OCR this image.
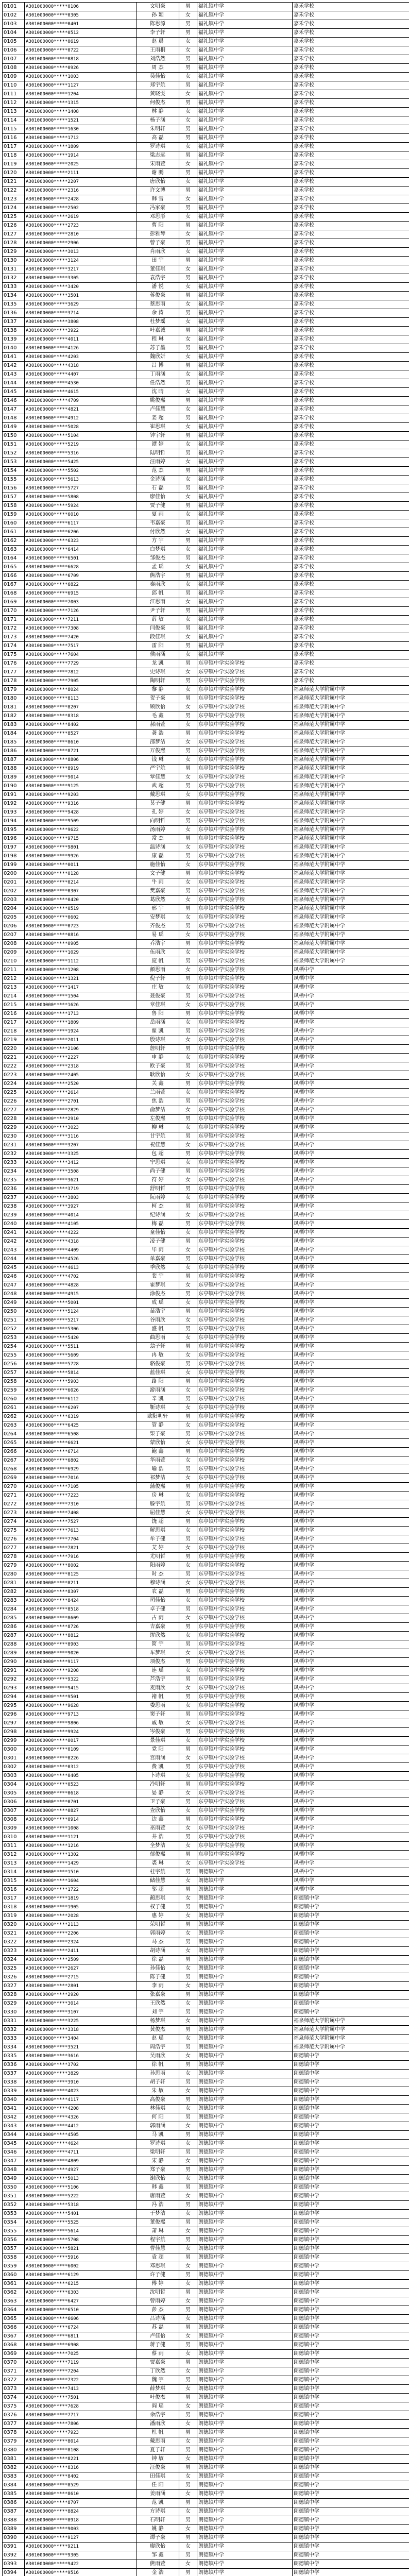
0101	A301000000*****0106	文明豪	男	福礼镇中学	嘉禾学校
0102	A301000000*****0305	孙 颖	女	福礼镇中学	嘉禾学校
0103	A301000000*****0401	陈思源	男	福礼镇中学	嘉禾学校
0104	A301000000*****0512	李子轩	男	福礼镇中学	嘉禾学校
0105	A301000000*****0619	赵 晨	女	福礼镇中学	嘉禾学校
0106	A301000000*****0722	王雨桐	女	福礼镇中学	嘉禾学校
0107	A301000000*****0818	刘浩然	男	福礼镇中学	嘉禾学校
0108	A301000000*****0926	周 杰	男	福礼镇中学	嘉禾学校
0109	A301000000*****1003	吴佳怡	女	福礼镇中学	嘉禾学校
0110	A301000000*****1127	郑宇航	男	福礼镇中学	嘉禾学校
0111	A301000000*****1204	黄晓雯	女	福礼镇中学	嘉禾学校
0112	A301000000*****1315	何俊杰	男	福礼镇中学	嘉禾学校
0113	A301000000*****1408	林 静	女	福礼镇中学	嘉禾学校
0114	A301000000*****1521	杨子涵	女	福礼镇中学	嘉禾学校
0115	A301000000*****1630	朱明轩	男	福礼镇中学	嘉禾学校
0116	A301000000*****1712	高 磊	男	福礼镇中学	嘉禾学校
0117	A301000000*****1809	罗诗琪	女	福礼镇中学	嘉禾学校
0118	A301000000*****1914	梁志远	男	福礼镇中学	嘉禾学校
0119	A301000000*****2025	宋雨萱	女	福礼镇中学	嘉禾学校
0120	A301000000*****2111	谢 鹏	男	福礼镇中学	嘉禾学校
0121	A301000000*****2207	唐欣怡	女	福礼镇中学	嘉禾学校
0122	A301000000*****2316	许文博	男	福礼镇中学	嘉禾学校
0123	A301000000*****2428	韩 雪	女	福礼镇中学	嘉禾学校
0124	A301000000*****2502	冯家豪	男	福礼镇中学	嘉禾学校
0125	A301000000*****2619	邓思彤	女	福礼镇中学	嘉禾学校
0126	A301000000*****2723	曹 阳	男	福礼镇中学	嘉禾学校
0127	A301000000*****2810	彭雅琴	女	福礼镇中学	嘉禾学校
0128	A301000000*****2906	曾子豪	男	福礼镇中学	嘉禾学校
0129	A301000000*****3013	肖雨欣	女	福礼镇中学	嘉禾学校
0130	A301000000*****3124	田 宇	男	福礼镇中学	嘉禾学校
0131	A301000000*****3217	董佳琪	女	福礼镇中学	嘉禾学校
0132	A301000000*****3305	袁浩宇	男	福礼镇中学	嘉禾学校
0133	A301000000*****3420	潘 悦	女	福礼镇中学	嘉禾学校
0134	A301000000*****3501	蒋俊豪	男	福礼镇中学	嘉禾学校
0135	A301000000*****3629	蔡思雨	女	福礼镇中学	嘉禾学校
0136	A301000000*****3714	余 涛	男	福礼镇中学	嘉禾学校
0137	A301000000*****3808	杜梦瑶	女	福礼镇中学	嘉禾学校
0138	A301000000*****3922	叶嘉诚	男	福礼镇中学	嘉禾学校
0139	A301000000*****4011	程 琳	女	福礼镇中学	嘉禾学校
0140	A301000000*****4126	苏子墨	男	福礼镇中学	嘉禾学校
0141	A301000000*****4203	魏欣妍	女	福礼镇中学	嘉禾学校
0142	A301000000*****4318	吕 博	男	福礼镇中学	嘉禾学校
0143	A301000000*****4407	丁雨涵	女	福礼镇中学	嘉禾学校
0144	A301000000*****4530	任浩然	男	福礼镇中学	嘉禾学校
0145	A301000000*****4615	沈 晴	女	福礼镇中学	嘉禾学校
0146	A301000000*****4709	姚俊熙	男	福礼镇中学	嘉禾学校
0147	A301000000*****4821	卢佳慧	女	福礼镇中学	嘉禾学校
0148	A301000000*****4912	姜 超	男	福礼镇中学	嘉禾学校
0149	A301000000*****5028	崔思琪	女	福礼镇中学	嘉禾学校
0150	A301000000*****5104	钟宇轩	男	福礼镇中学	嘉禾学校
0151	A301000000*****5219	谭 婷	女	福礼镇中学	嘉禾学校
0152	A301000000*****5316	陆明哲	男	福礼镇中学	嘉禾学校
0153	A301000000*****5425	汪雨婷	女	福礼镇中学	嘉禾学校
0154	A301000000*****5502	范 杰	男	福礼镇中学	嘉禾学校
0155	A301000000*****5613	金诗涵	女	福礼镇中学	嘉禾学校
0156	A301000000*****5727	石 磊	男	福礼镇中学	嘉禾学校
0157	A301000000*****5808	廖佳怡	女	福礼镇中学	嘉禾学校
0158	A301000000*****5924	贾子健	男	福礼镇中学	嘉禾学校
0159	A301000000*****6010	夏 雨	女	福礼镇中学	嘉禾学校
0160	A301000000*****6117	韦嘉豪	男	福礼镇中学	嘉禾学校
0161	A301000000*****6206	付欣然	女	福礼镇中学	嘉禾学校
0162	A301000000*****6323	方 宇	男	福礼镇中学	嘉禾学校
0163	A301000000*****6414	白梦琪	女	福礼镇中学	嘉禾学校
0164	A301000000*****6501	邹俊杰	男	福礼镇中学	嘉禾学校
0165	A301000000*****6628	孟 瑶	女	福礼镇中学	嘉禾学校
0166	A301000000*****6709	熊浩宇	男	福礼镇中学	嘉禾学校
0167	A301000000*****6822	秦雨欣	女	福礼镇中学	嘉禾学校
0168	A301000000*****6915	邱 帆	男	福礼镇中学	嘉禾学校
0169	A301000000*****7003	江思雨	女	福礼镇中学	嘉禾学校
0170	A301000000*****7126	尹子轩	男	福礼镇中学	嘉禾学校
0171	A301000000*****7211	薛 敏	女	福礼镇中学	嘉禾学校
0172	A301000000*****7308	闫俊豪	男	福礼镇中学	嘉禾学校
0173	A301000000*****7420	段佳琪	女	福礼镇中学	嘉禾学校
0174	A301000000*****7517	雷 阳	男	福礼镇中学	嘉禾学校
0175	A301000000*****7604	侯雨涵	女	福礼镇中学	嘉禾学校
0176	A301000000*****7729	龙 凯	男	东亭镇中学实验学校	嘉禾学校
0177	A301000000*****7812	史诗琪	女	东亭镇中学实验学校	嘉禾学校
0178	A301000000*****7905	陶明轩	男	东亭镇中学实验学校	嘉禾学校
0179	A301000000*****8024	黎 静	女	东亭镇中学实验学校	福泉师范大学附属中学
0180	A301000000*****8113	贺子豪	男	东亭镇中学实验学校	福泉师范大学附属中学
0181	A301000000*****8207	顾欣怡	女	东亭镇中学实验学校	福泉师范大学附属中学
0182	A301000000*****8318	毛 鑫	男	东亭镇中学实验学校	福泉师范大学附属中学
0183	A301000000*****8402	郝雨萱	女	东亭镇中学实验学校	福泉师范大学附属中学
0184	A301000000*****8527	龚 浩	男	东亭镇中学实验学校	福泉师范大学附属中学
0185	A301000000*****8610	邵梦洁	女	东亭镇中学实验学校	福泉师范大学附属中学
0186	A301000000*****8721	万俊熙	男	东亭镇中学实验学校	福泉师范大学附属中学
0187	A301000000*****8806	钱 琳	女	东亭镇中学实验学校	福泉师范大学附属中学
0188	A301000000*****8919	严宇航	男	东亭镇中学实验学校	福泉师范大学附属中学
0189	A301000000*****9014	覃佳慧	女	东亭镇中学实验学校	福泉师范大学附属中学
0190	A301000000*****9125	武 超	男	东亭镇中学实验学校	福泉师范大学附属中学
0191	A301000000*****9203	戴思琪	女	东亭镇中学实验学校	福泉师范大学附属中学
0192	A301000000*****9316	莫子健	男	东亭镇中学实验学校	福泉师范大学附属中学
0193	A301000000*****9428	孔 婷	女	东亭镇中学实验学校	福泉师范大学附属中学
0194	A301000000*****9509	向明哲	男	东亭镇中学实验学校	福泉师范大学附属中学
0195	A301000000*****9622	汤雨婷	女	东亭镇中学实验学校	福泉师范大学附属中学
0196	A301000000*****9715	常 杰	男	东亭镇中学实验学校	福泉师范大学附属中学
0197	A301000000*****9801	温诗涵	女	东亭镇中学实验学校	福泉师范大学附属中学
0198	A301000000*****9926	康 磊	男	东亭镇中学实验学校	福泉师范大学附属中学
0199	A301000000*****0011	施佳怡	女	东亭镇中学实验学校	福泉师范大学附属中学
0200	A301000000*****0128	文子健	男	东亭镇中学实验学校	福泉师范大学附属中学
0201	A301000000*****0214	牛 雨	女	东亭镇中学实验学校	福泉师范大学附属中学
0202	A301000000*****0307	樊嘉豪	男	东亭镇中学实验学校	福泉师范大学附属中学
0203	A301000000*****0420	葛欣然	女	东亭镇中学实验学校	福泉师范大学附属中学
0204	A301000000*****0519	邢 宇	男	东亭镇中学实验学校	福泉师范大学附属中学
0205	A301000000*****0602	安梦琪	女	东亭镇中学实验学校	福泉师范大学附属中学
0206	A301000000*****0723	齐俊杰	男	东亭镇中学实验学校	福泉师范大学附属中学
0207	A301000000*****0816	易 瑶	女	东亭镇中学实验学校	福泉师范大学附属中学
0208	A301000000*****0905	乔浩宇	男	东亭镇中学实验学校	福泉师范大学附属中学
0209	A301000000*****1029	伍雨欣	女	东亭镇中学实验学校	福泉师范大学附属中学
0210	A301000000*****1112	庞 帆	男	东亭镇中学实验学校	福泉师范大学附属中学
0211	A301000000*****1208	颜思雨	女	东亭镇中学实验学校	凤栖中学
0212	A301000000*****1321	倪子轩	男	东亭镇中学实验学校	凤栖中学
0213	A301000000*****1417	庄 敏	女	东亭镇中学实验学校	凤栖中学
0214	A301000000*****1504	聂俊豪	男	东亭镇中学实验学校	凤栖中学
0215	A301000000*****1626	章佳琪	女	东亭镇中学实验学校	凤栖中学
0216	A301000000*****1713	鲁 阳	男	东亭镇中学实验学校	凤栖中学
0217	A301000000*****1809	岳雨涵	女	东亭镇中学实验学校	凤栖中学
0218	A301000000*****1924	翟 凯	男	东亭镇中学实验学校	凤栖中学
0219	A301000000*****2011	殷诗琪	女	东亭镇中学实验学校	凤栖中学
0220	A301000000*****2106	詹明轩	男	东亭镇中学实验学校	凤栖中学
0221	A301000000*****2227	申 静	女	东亭镇中学实验学校	凤栖中学
0222	A301000000*****2318	欧子豪	男	东亭镇中学实验学校	凤栖中学
0223	A301000000*****2405	耿欣怡	女	东亭镇中学实验学校	凤栖中学
0224	A301000000*****2520	关 鑫	男	东亭镇中学实验学校	凤栖中学
0225	A301000000*****2614	兰雨萱	女	东亭镇中学实验学校	凤栖中学
0226	A301000000*****2701	焦 浩	男	东亭镇中学实验学校	凤栖中学
0227	A301000000*****2829	俞梦洁	女	东亭镇中学实验学校	凤栖中学
0228	A301000000*****2910	左俊熙	男	东亭镇中学实验学校	凤栖中学
0229	A301000000*****3023	柳 琳	女	东亭镇中学实验学校	凤栖中学
0230	A301000000*****3116	甘宇航	男	东亭镇中学实验学校	凤栖中学
0231	A301000000*****3207	祝佳慧	女	东亭镇中学实验学校	凤栖中学
0232	A301000000*****3325	包 超	男	东亭镇中学实验学校	凤栖中学
0233	A301000000*****3412	宁思琪	女	东亭镇中学实验学校	凤栖中学
0234	A301000000*****3508	尚子健	男	东亭镇中学实验学校	凤栖中学
0235	A301000000*****3621	符 婷	女	东亭镇中学实验学校	凤栖中学
0236	A301000000*****3719	舒明哲	男	东亭镇中学实验学校	凤栖中学
0237	A301000000*****3803	阮雨婷	女	东亭镇中学实验学校	凤栖中学
0238	A301000000*****3927	柯 杰	男	东亭镇中学实验学校	凤栖中学
0239	A301000000*****4014	纪诗涵	女	东亭镇中学实验学校	凤栖中学
0240	A301000000*****4105	梅 磊	男	东亭镇中学实验学校	凤栖中学
0241	A301000000*****4222	童佳怡	女	东亭镇中学实验学校	凤栖中学
0242	A301000000*****4318	凌子健	男	东亭镇中学实验学校	凤栖中学
0243	A301000000*****4409	毕 雨	女	东亭镇中学实验学校	凤栖中学
0244	A301000000*****4526	单嘉豪	男	东亭镇中学实验学校	凤栖中学
0245	A301000000*****4613	季欣然	女	东亭镇中学实验学校	凤栖中学
0246	A301000000*****4702	裴 宇	男	东亭镇中学实验学校	凤栖中学
0247	A301000000*****4828	霍梦琪	女	东亭镇中学实验学校	凤栖中学
0248	A301000000*****4915	涂俊杰	男	东亭镇中学实验学校	凤栖中学
0249	A301000000*****5001	成 瑶	女	东亭镇中学实验学校	凤栖中学
0250	A301000000*****5124	苗浩宇	男	东亭镇中学实验学校	凤栖中学
0251	A301000000*****5217	谷雨欣	女	东亭镇中学实验学校	凤栖中学
0252	A301000000*****5306	盛 帆	男	东亭镇中学实验学校	凤栖中学
0253	A301000000*****5420	曲思雨	女	东亭镇中学实验学校	凤栖中学
0254	A301000000*****5511	翁子轩	男	东亭镇中学实验学校	凤栖中学
0255	A301000000*****5609	冉 敏	女	东亭镇中学实验学校	凤栖中学
0256	A301000000*****5728	骆俊豪	男	东亭镇中学实验学校	凤栖中学
0257	A301000000*****5814	蓝佳琪	女	东亭镇中学实验学校	凤栖中学
0258	A301000000*****5903	路 阳	男	东亭镇中学实验学校	凤栖中学
0259	A301000000*****6026	游雨涵	女	东亭镇中学实验学校	凤栖中学
0260	A301000000*****6112	辛 凯	男	东亭镇中学实验学校	凤栖中学
0261	A301000000*****6207	靳诗琪	女	东亭镇中学实验学校	凤栖中学
0262	A301000000*****6319	欧阳明轩	男	东亭镇中学实验学校	凤栖中学
0263	A301000000*****6425	管 静	女	东亭镇中学实验学校	凤栖中学
0264	A301000000*****6508	柴子豪	男	东亭镇中学实验学校	凤栖中学
0265	A301000000*****6621	蒙欣怡	女	东亭镇中学实验学校	凤栖中学
0266	A301000000*****6714	鲍 鑫	男	东亭镇中学实验学校	凤栖中学
0267	A301000000*****6802	华雨萱	女	东亭镇中学实验学校	凤栖中学
0268	A301000000*****6929	喻 浩	男	东亭镇中学实验学校	凤栖中学
0269	A301000000*****7016	祁梦洁	女	东亭镇中学实验学校	凤栖中学
0270	A301000000*****7105	蒲俊熙	男	东亭镇中学实验学校	凤栖中学
0271	A301000000*****7223	房 琳	女	东亭镇中学实验学校	凤栖中学
0272	A301000000*****7310	滕宇航	男	东亭镇中学实验学校	凤栖中学
0273	A301000000*****7408	屈佳慧	女	东亭镇中学实验学校	凤栖中学
0274	A301000000*****7527	饶 超	男	东亭镇中学实验学校	凤栖中学
0275	A301000000*****7613	解思琪	女	东亭镇中学实验学校	凤栖中学
0276	A301000000*****7704	牟子健	男	东亭镇中学实验学校	凤栖中学
0277	A301000000*****7821	艾 婷	女	东亭镇中学实验学校	凤栖中学
0278	A301000000*****7916	尤明哲	男	东亭镇中学实验学校	凤栖中学
0279	A301000000*****8002	阳雨婷	女	东亭镇中学实验学校	凤栖中学
0280	A301000000*****8125	时 杰	男	东亭镇中学实验学校	凤栖中学
0281	A301000000*****8211	穆诗涵	女	东亭镇中学实验学校	凤栖中学
0282	A301000000*****8307	农 磊	男	东亭镇中学实验学校	凤栖中学
0283	A301000000*****8424	司佳怡	女	东亭镇中学实验学校	凤栖中学
0284	A301000000*****8518	卓子健	男	东亭镇中学实验学校	凤栖中学
0285	A301000000*****8609	古 雨	女	东亭镇中学实验学校	凤栖中学
0286	A301000000*****8726	吉嘉豪	男	东亭镇中学实验学校	凤栖中学
0287	A301000000*****8812	缪欣然	女	东亭镇中学实验学校	凤栖中学
0288	A301000000*****8903	简 宇	男	东亭镇中学实验学校	凤栖中学
0289	A301000000*****9020	车梦琪	女	东亭镇中学实验学校	凤栖中学
0290	A301000000*****9117	项俊杰	男	东亭镇中学实验学校	凤栖中学
0291	A301000000*****9208	连 瑶	女	东亭镇中学实验学校	凤栖中学
0292	A301000000*****9322	芦浩宇	男	东亭镇中学实验学校	凤栖中学
0293	A301000000*****9415	麦雨欣	女	东亭镇中学实验学校	凤栖中学
0294	A301000000*****9501	褚 帆	男	东亭镇中学实验学校	凤栖中学
0295	A301000000*****9628	娄思雨	女	东亭镇中学实验学校	凤栖中学
0296	A301000000*****9713	窦子轩	男	东亭镇中学实验学校	凤栖中学
0297	A301000000*****9806	戚 敏	女	东亭镇中学实验学校	凤栖中学
0298	A301000000*****9924	岑俊豪	男	东亭镇中学实验学校	凤栖中学
0299	A301000000*****0017	景佳琪	女	东亭镇中学实验学校	凤栖中学
0300	A301000000*****0109	党 阳	男	东亭镇中学实验学校	凤栖中学
0301	A301000000*****0226	宫雨涵	女	东亭镇中学实验学校	凤栖中学
0302	A301000000*****0312	费 凯	男	东亭镇中学实验学校	凤栖中学
0303	A301000000*****0405	卜诗琪	女	东亭镇中学实验学校	凤栖中学
0304	A301000000*****0523	冷明轩	男	东亭镇中学实验学校	凤栖中学
0305	A301000000*****0618	晏 静	女	东亭镇中学实验学校	凤栖中学
0306	A301000000*****0701	卫子豪	男	东亭镇中学实验学校	凤栖中学
0307	A301000000*****0827	查欣怡	女	东亭镇中学实验学校	凤栖中学
0308	A301000000*****0914	边 鑫	男	东亭镇中学实验学校	凤栖中学
0309	A301000000*****1008	巫雨萱	女	东亭镇中学实验学校	凤栖中学
0310	A301000000*****1121	井 浩	男	东亭镇中学实验学校	凤栖中学
0311	A301000000*****1216	全梦洁	女	东亭镇中学实验学校	凤栖中学
0312	A301000000*****1302	郁俊熙	男	东亭镇中学实验学校	凤栖中学
0313	A301000000*****1429	裘 琳	女	东亭镇中学实验学校	凤栖中学
0314	A301000000*****1510	桂宇航	男	朗德镇中学	凤栖中学
0315	A301000000*****1604	储佳慧	女	朗德镇中学	凤栖中学
0316	A301000000*****1722	邬 超	男	朗德镇中学	凤栖中学
0317	A301000000*****1819	蔺思琪	女	朗德镇中学	朗德镇中学
0318	A301000000*****1905	权子健	男	朗德镇中学	朗德镇中学
0319	A301000000*****2028	惠 婷	女	朗德镇中学	朗德镇中学
0320	A301000000*****2113	荣明哲	男	朗德镇中学	朗德镇中学
0321	A301000000*****2206	郭雨婷	女	朗德镇中学	朗德镇中学
0322	A301000000*****2324	马 杰	男	朗德镇中学	朗德镇中学
0323	A301000000*****2411	胡诗涵	女	朗德镇中学	朗德镇中学
0324	A301000000*****2509	徐 磊	男	朗德镇中学	朗德镇中学
0325	A301000000*****2627	孙佳怡	女	朗德镇中学	朗德镇中学
0326	A301000000*****2715	陈子健	男	朗德镇中学	朗德镇中学
0327	A301000000*****2801	李 雨	女	朗德镇中学	朗德镇中学
0328	A301000000*****2920	张嘉豪	男	朗德镇中学	朗德镇中学
0329	A301000000*****3014	王欣然	女	朗德镇中学	朗德镇中学
0330	A301000000*****3107	刘 宇	男	朗德镇中学	朗德镇中学
0331	A301000000*****3225	杨梦琪	女	朗德镇中学	福泉师范大学附属中学
0332	A301000000*****3318	黄俊杰	男	朗德镇中学	福泉师范大学附属中学
0333	A301000000*****3404	赵 瑶	女	朗德镇中学	福泉师范大学附属中学
0334	A301000000*****3521	周浩宇	男	朗德镇中学	福泉师范大学附属中学
0335	A301000000*****3616	吴雨欣	女	朗德镇中学	朗德镇中学
0336	A301000000*****3702	徐 帆	男	朗德镇中学	朗德镇中学
0337	A301000000*****3829	孙思雨	女	朗德镇中学	朗德镇中学
0338	A301000000*****3910	胡子轩	男	朗德镇中学	朗德镇中学
0339	A301000000*****4023	朱 敏	女	朗德镇中学	朗德镇中学
0340	A301000000*****4117	高俊豪	男	朗德镇中学	朗德镇中学
0341	A301000000*****4208	林佳琪	女	朗德镇中学	朗德镇中学
0342	A301000000*****4326	何 阳	男	朗德镇中学	朗德镇中学
0343	A301000000*****4412	郭雨涵	女	朗德镇中学	朗德镇中学
0344	A301000000*****4505	马 凯	男	朗德镇中学	朗德镇中学
0345	A301000000*****4624	罗诗琪	女	朗德镇中学	朗德镇中学
0346	A301000000*****4711	梁明轩	男	朗德镇中学	朗德镇中学
0347	A301000000*****4809	宋 静	女	朗德镇中学	朗德镇中学
0348	A301000000*****4927	郑子豪	男	朗德镇中学	朗德镇中学
0349	A301000000*****5013	谢欣怡	女	朗德镇中学	朗德镇中学
0350	A301000000*****5106	韩 鑫	男	朗德镇中学	朗德镇中学
0351	A301000000*****5222	唐雨萱	女	朗德镇中学	朗德镇中学
0352	A301000000*****5318	冯 浩	男	朗德镇中学	朗德镇中学
0353	A301000000*****5401	于梦洁	女	朗德镇中学	朗德镇中学
0354	A301000000*****5525	董俊熙	男	朗德镇中学	朗德镇中学
0355	A301000000*****5614	萧 琳	女	朗德镇中学	朗德镇中学
0356	A301000000*****5708	程宇航	男	朗德镇中学	朗德镇中学
0357	A301000000*****5821	曹佳慧	女	朗德镇中学	朗德镇中学
0358	A301000000*****5916	袁 超	男	朗德镇中学	朗德镇中学
0359	A301000000*****6002	邓思琪	女	朗德镇中学	朗德镇中学
0360	A301000000*****6129	许子健	男	朗德镇中学	朗德镇中学
0361	A301000000*****6215	傅 婷	女	朗德镇中学	朗德镇中学
0362	A301000000*****6303	沈明哲	男	朗德镇中学	朗德镇中学
0363	A301000000*****6427	曾雨婷	女	朗德镇中学	朗德镇中学
0364	A301000000*****6510	彭 杰	男	朗德镇中学	朗德镇中学
0365	A301000000*****6606	吕诗涵	女	朗德镇中学	朗德镇中学
0366	A301000000*****6724	苏 磊	男	朗德镇中学	朗德镇中学
0367	A301000000*****6811	卢佳怡	女	朗德镇中学	朗德镇中学
0368	A301000000*****6908	蒋子健	男	朗德镇中学	朗德镇中学
0369	A301000000*****7025	蔡 雨	女	朗德镇中学	朗德镇中学
0370	A301000000*****7119	贾嘉豪	男	朗德镇中学	朗德镇中学
0371	A301000000*****7204	丁欣然	女	朗德镇中学	朗德镇中学
0372	A301000000*****7322	魏 宇	男	朗德镇中学	朗德镇中学
0373	A301000000*****7413	薛梦琪	女	朗德镇中学	朗德镇中学
0374	A301000000*****7501	叶俊杰	男	朗德镇中学	朗德镇中学
0375	A301000000*****7628	阎 瑶	女	朗德镇中学	朗德镇中学
0376	A301000000*****7717	余浩宇	男	朗德镇中学	朗德镇中学
0377	A301000000*****7806	潘雨欣	女	朗德镇中学	朗德镇中学
0378	A301000000*****7923	杜 帆	男	朗德镇中学	朗德镇中学
0379	A301000000*****8014	戴思雨	女	朗德镇中学	朗德镇中学
0380	A301000000*****8108	夏子轩	男	朗德镇中学	朗德镇中学
0381	A301000000*****8221	钟 敏	女	朗德镇中学	朗德镇中学
0382	A301000000*****8316	汪俊豪	男	朗德镇中学	朗德镇中学
0383	A301000000*****8402	田佳琪	女	朗德镇中学	朗德镇中学
0384	A301000000*****8529	任 阳	男	朗德镇中学	朗德镇中学
0385	A301000000*****8610	姜雨涵	女	朗德镇中学	朗德镇中学
0386	A301000000*****8707	范 凯	男	朗德镇中学	朗德镇中学
0387	A301000000*****8824	方诗琪	女	朗德镇中学	朗德镇中学
0388	A301000000*****8918	石明轩	男	朗德镇中学	朗德镇中学
0389	A301000000*****9003	姚 静	女	朗德镇中学	朗德镇中学
0390	A301000000*****9127	谭子豪	男	朗德镇中学	朗德镇中学
0391	A301000000*****9211	廖欣怡	女	朗德镇中学	朗德镇中学
0392	A301000000*****9305	邹 鑫	男	朗德镇中学	朗德镇中学
0393	A301000000*****9422	熊雨萱	女	朗德镇中学	朗德镇中学
0394	A301000000*****9516	金 浩	男	朗德镇中学	朗德镇中学
